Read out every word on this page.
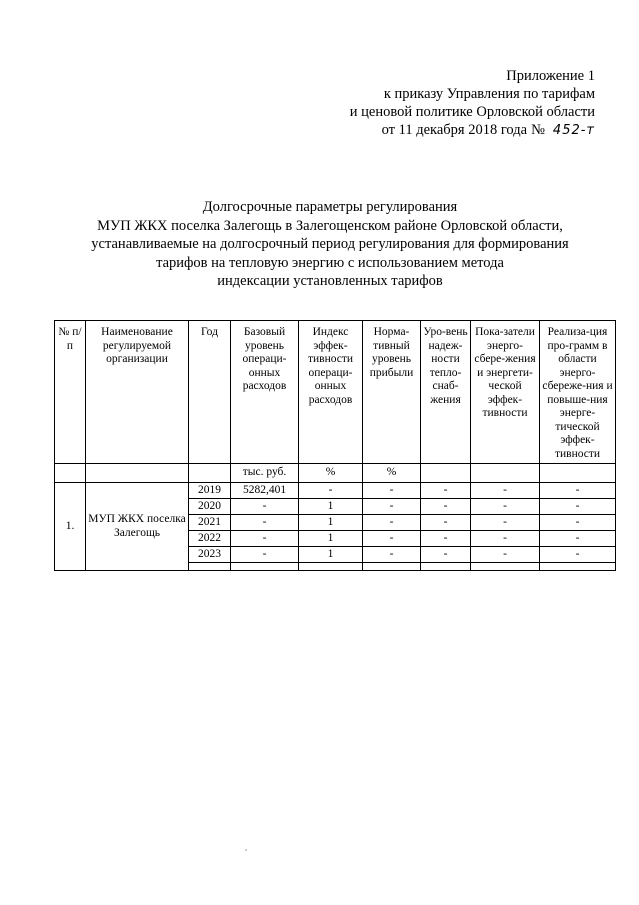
Приложение 1
к приказу Управления по тарифам
и ценовой политике Орловской области
от 11 декабря 2018 года № 452-т
Долгосрочные параметры регулирования
МУП ЖКХ поселка Залегощь в Залегощенском районе Орловской области,
устанавливаемые на долгосрочный период регулирования для формирования
тарифов на тепловую энергию с использованием метода
индексации установленных тарифов
№ п/п	Наименование регулируемой организации	Год	Базовый уровень операци-онных расходов	Индекс эффек-тивности операци-онных расходов	Норма-тивный уровень прибыли	Уро-вень надеж-ности тепло-снаб-жения	Пока-затели энерго-сбере-жения и энергети-ческой эффек-тивности	Реализа-ция про-грамм в области энерго-сбереже-ния и повыше-ния энерге-тической эффек-тивности
			тыс. руб.	%	%			
1.	МУП ЖКХ поселка Залегощь	2019	5282,401	-	-	-	-	-
		2020	-	1	-	-	-	-
		2021	-	1	-	-	-	-
		2022	-	1	-	-	-	-
		2023	-	1	-	-	-	-
